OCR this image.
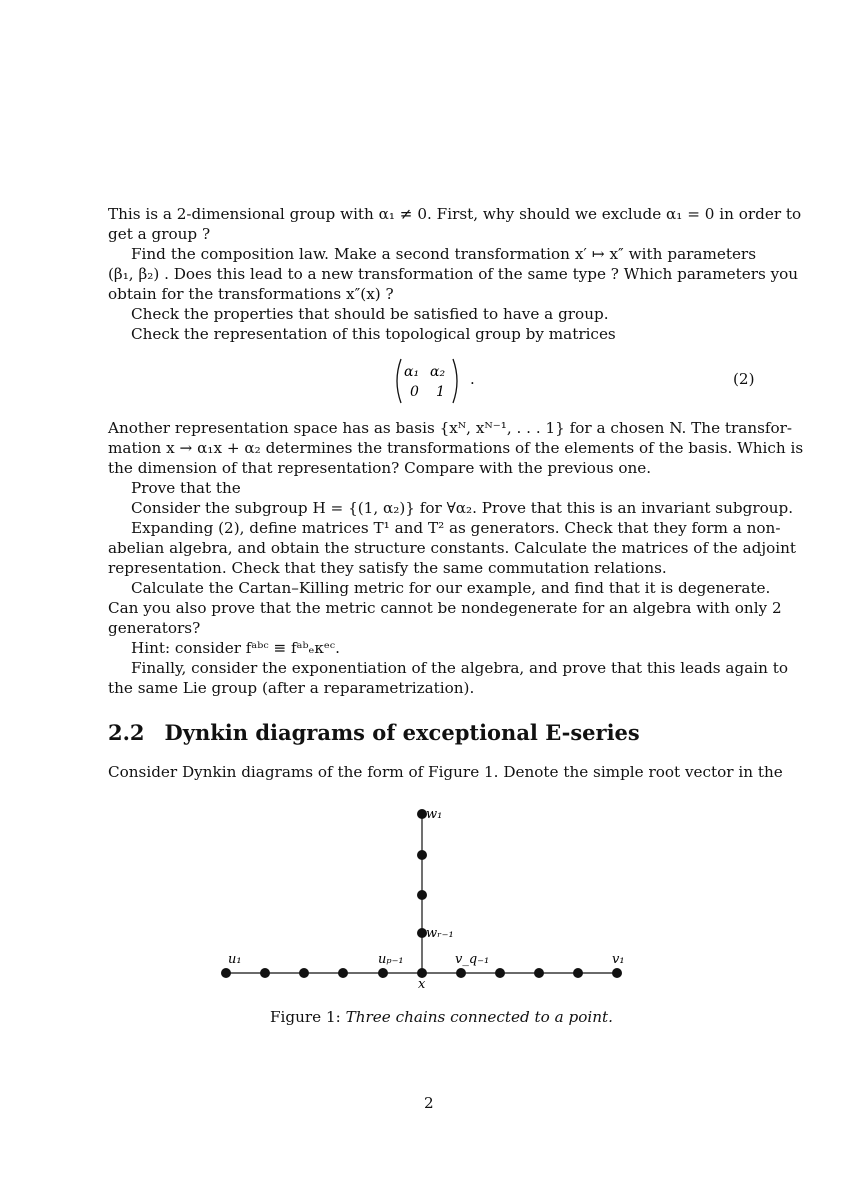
This is a 2-dimensional group with α₁ ≠ 0. First, why should we exclude α₁ = 0 in order to
get a group ?
Find the composition law. Make a second transformation x′ ↦ x″ with parameters
(β₁, β₂) . Does this lead to a new transformation of the same type ? Which parameters you
obtain for the transformations x″(x) ?
Check the properties that should be satisfied to have a group.
Check the representation of this topological group by matrices
α₁ α₂
0 1
.	(2)
Another representation space has as basis {xᴺ, xᴺ⁻¹, . . . 1} for a chosen N. The transfor-
mation x → α₁x + α₂ determines the transformations of the elements of the basis. Which is
the dimension of that representation? Compare with the previous one.
Prove that the
Consider the subgroup H = {(1, α₂)} for ∀α₂. Prove that this is an invariant subgroup.
Expanding (2), define matrices T¹ and T² as generators. Check that they form a non-
abelian algebra, and obtain the structure constants. Calculate the matrices of the adjoint
representation. Check that they satisfy the same commutation relations.
Calculate the Cartan–Killing metric for our example, and find that it is degenerate.
Can you also prove that the metric cannot be nondegenerate for an algebra with only 2
generators?
Hint: consider fᵃᵇᶜ ≡ fᵃᵇₑκᵉᶜ.
Finally, consider the exponentiation of the algebra, and prove that this leads again to
the same Lie group (after a reparametrization).
2.2 Dynkin diagrams of exceptional E-series
Consider Dynkin diagrams of the form of Figure 1. Denote the simple root vector in the
w₁
wᵣ₋₁
u₁	uₚ₋₁	v_q₋₁	v₁
x
Figure 1: Three chains connected to a point.
2
